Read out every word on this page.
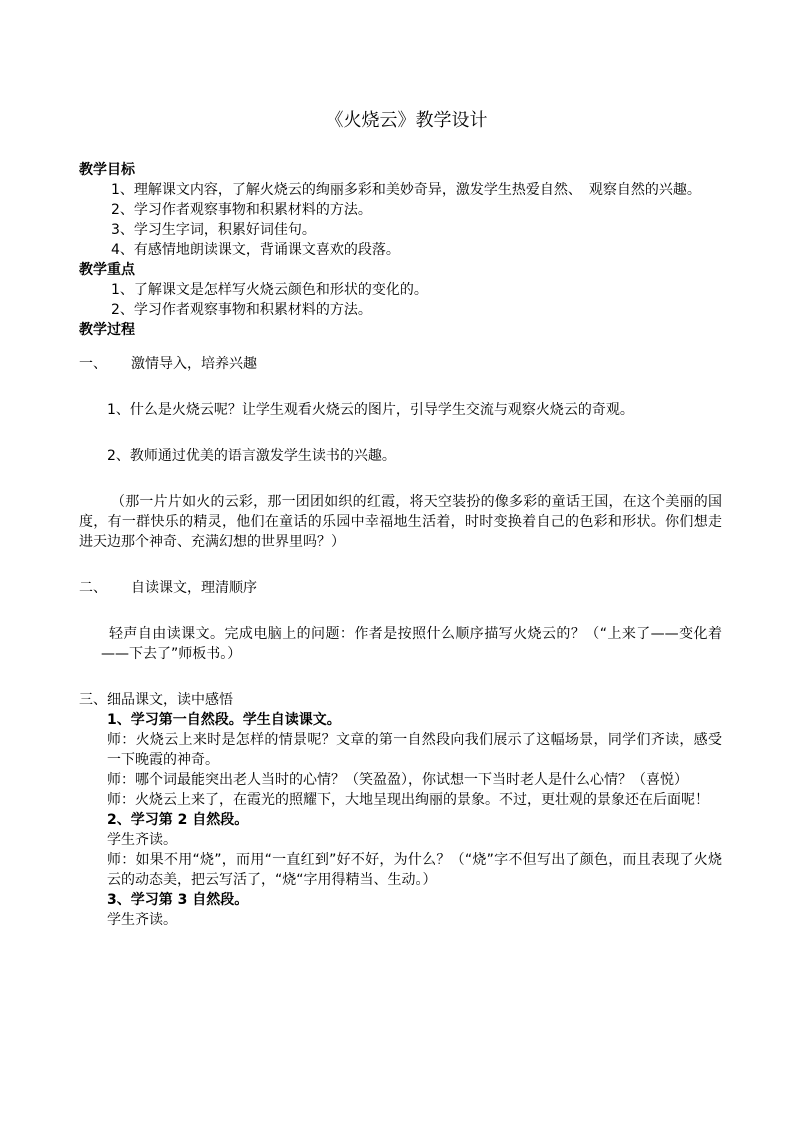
《火烧云》教学设计
教学目标
1、理解课文内容，了解火烧云的绚丽多彩和美妙奇异，激发学生热爱自然、　观察自然的兴趣。
2、学习作者观察事物和积累材料的方法。
3、学习生字词，积累好词佳句。
4、有感情地朗读课文，背诵课文喜欢的段落。
教学重点
1、了解课文是怎样写火烧云颜色和形状的变化的。
2、学习作者观察事物和积累材料的方法。
教学过程
一、	激情导入，培养兴趣
1、什么是火烧云呢？让学生观看火烧云的图片，引导学生交流与观察火烧云的奇观。
2、教师通过优美的语言激发学生读书的兴趣。
（那一片片如火的云彩，那一团团如织的红霞，将天空装扮的像多彩的童话王国，在这个美丽的国度，有一群快乐的精灵，他们在童话的乐园中幸福地生活着，时时变换着自己的色彩和形状。你们想走进天边那个神奇、充满幻想的世界里吗？）
二、	自读课文，理清顺序
轻声自由读课文。完成电脑上的问题：作者是按照什么顺序描写火烧云的？（“上来了——变化着——下去了”师板书。）
三、细品课文，读中感悟
1、学习第一自然段。学生自读课文。
师：火烧云上来时是怎样的情景呢？文章的第一自然段向我们展示了这幅场景，同学们齐读，感受一下晚霞的神奇。
师：哪个词最能突出老人当时的心情？（笑盈盈），你试想一下当时老人是什么心情？（喜悦）
师：火烧云上来了，在霞光的照耀下，大地呈现出绚丽的景象。不过，更壮观的景象还在后面呢！
2、学习第 2 自然段。
学生齐读。
师：如果不用“烧”，而用“一直红到”好不好，为什么？（“烧”字不但写出了颜色，而且表现了火烧云的动态美，把云写活了，“烧“字用得精当、生动。）
3、学习第 3 自然段。
学生齐读。
